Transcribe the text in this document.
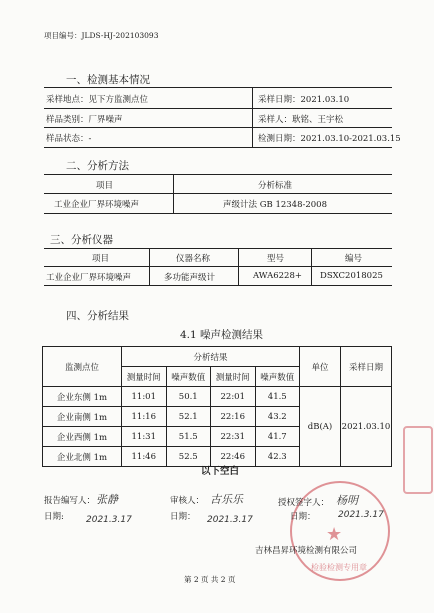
项目编号：JLDS-HJ-202103093
一、检测基本情况
采样地点：见下方监测点位	采样日期：2021.03.10
样品类别：厂界噪声	采样人：耿铭、王宇松
样品状态：-	检测日期：2021.03.10-2021.03.15
二、分析方法
项目	分析标准
工业企业厂界环境噪声	声级计法 GB 12348-2008
三、分析仪器
项目	仪器名称	型号	编号
工业企业厂界环境噪声	多功能声级计	AWA6228+ DSXC2018025
四、分析结果
4.1 噪声检测结果
监测点位	分析结果				单位	采样日期
	测量时间	噪声数值	测量时间	噪声数值		
企业东侧 1m	11:01	50.1	22:01	41.5	dB(A)	2021.03.10
企业南侧 1m	11:16	52.1	22:16	43.2		
企业西侧 1m	11:31	51.5	22:31	41.7		
企业北侧 1m	11:46	52.5	22:46	42.3		
以下空白
报告编写人： 张静
日期: 2021.3.17
审核人： 古乐乐
日期： 2021.3.17
★
授权签字人： 杨明
日期： 2021.3.17
吉林昌昇环境检测有限公司
检验检测专用章
第 2 页 共 2 页
